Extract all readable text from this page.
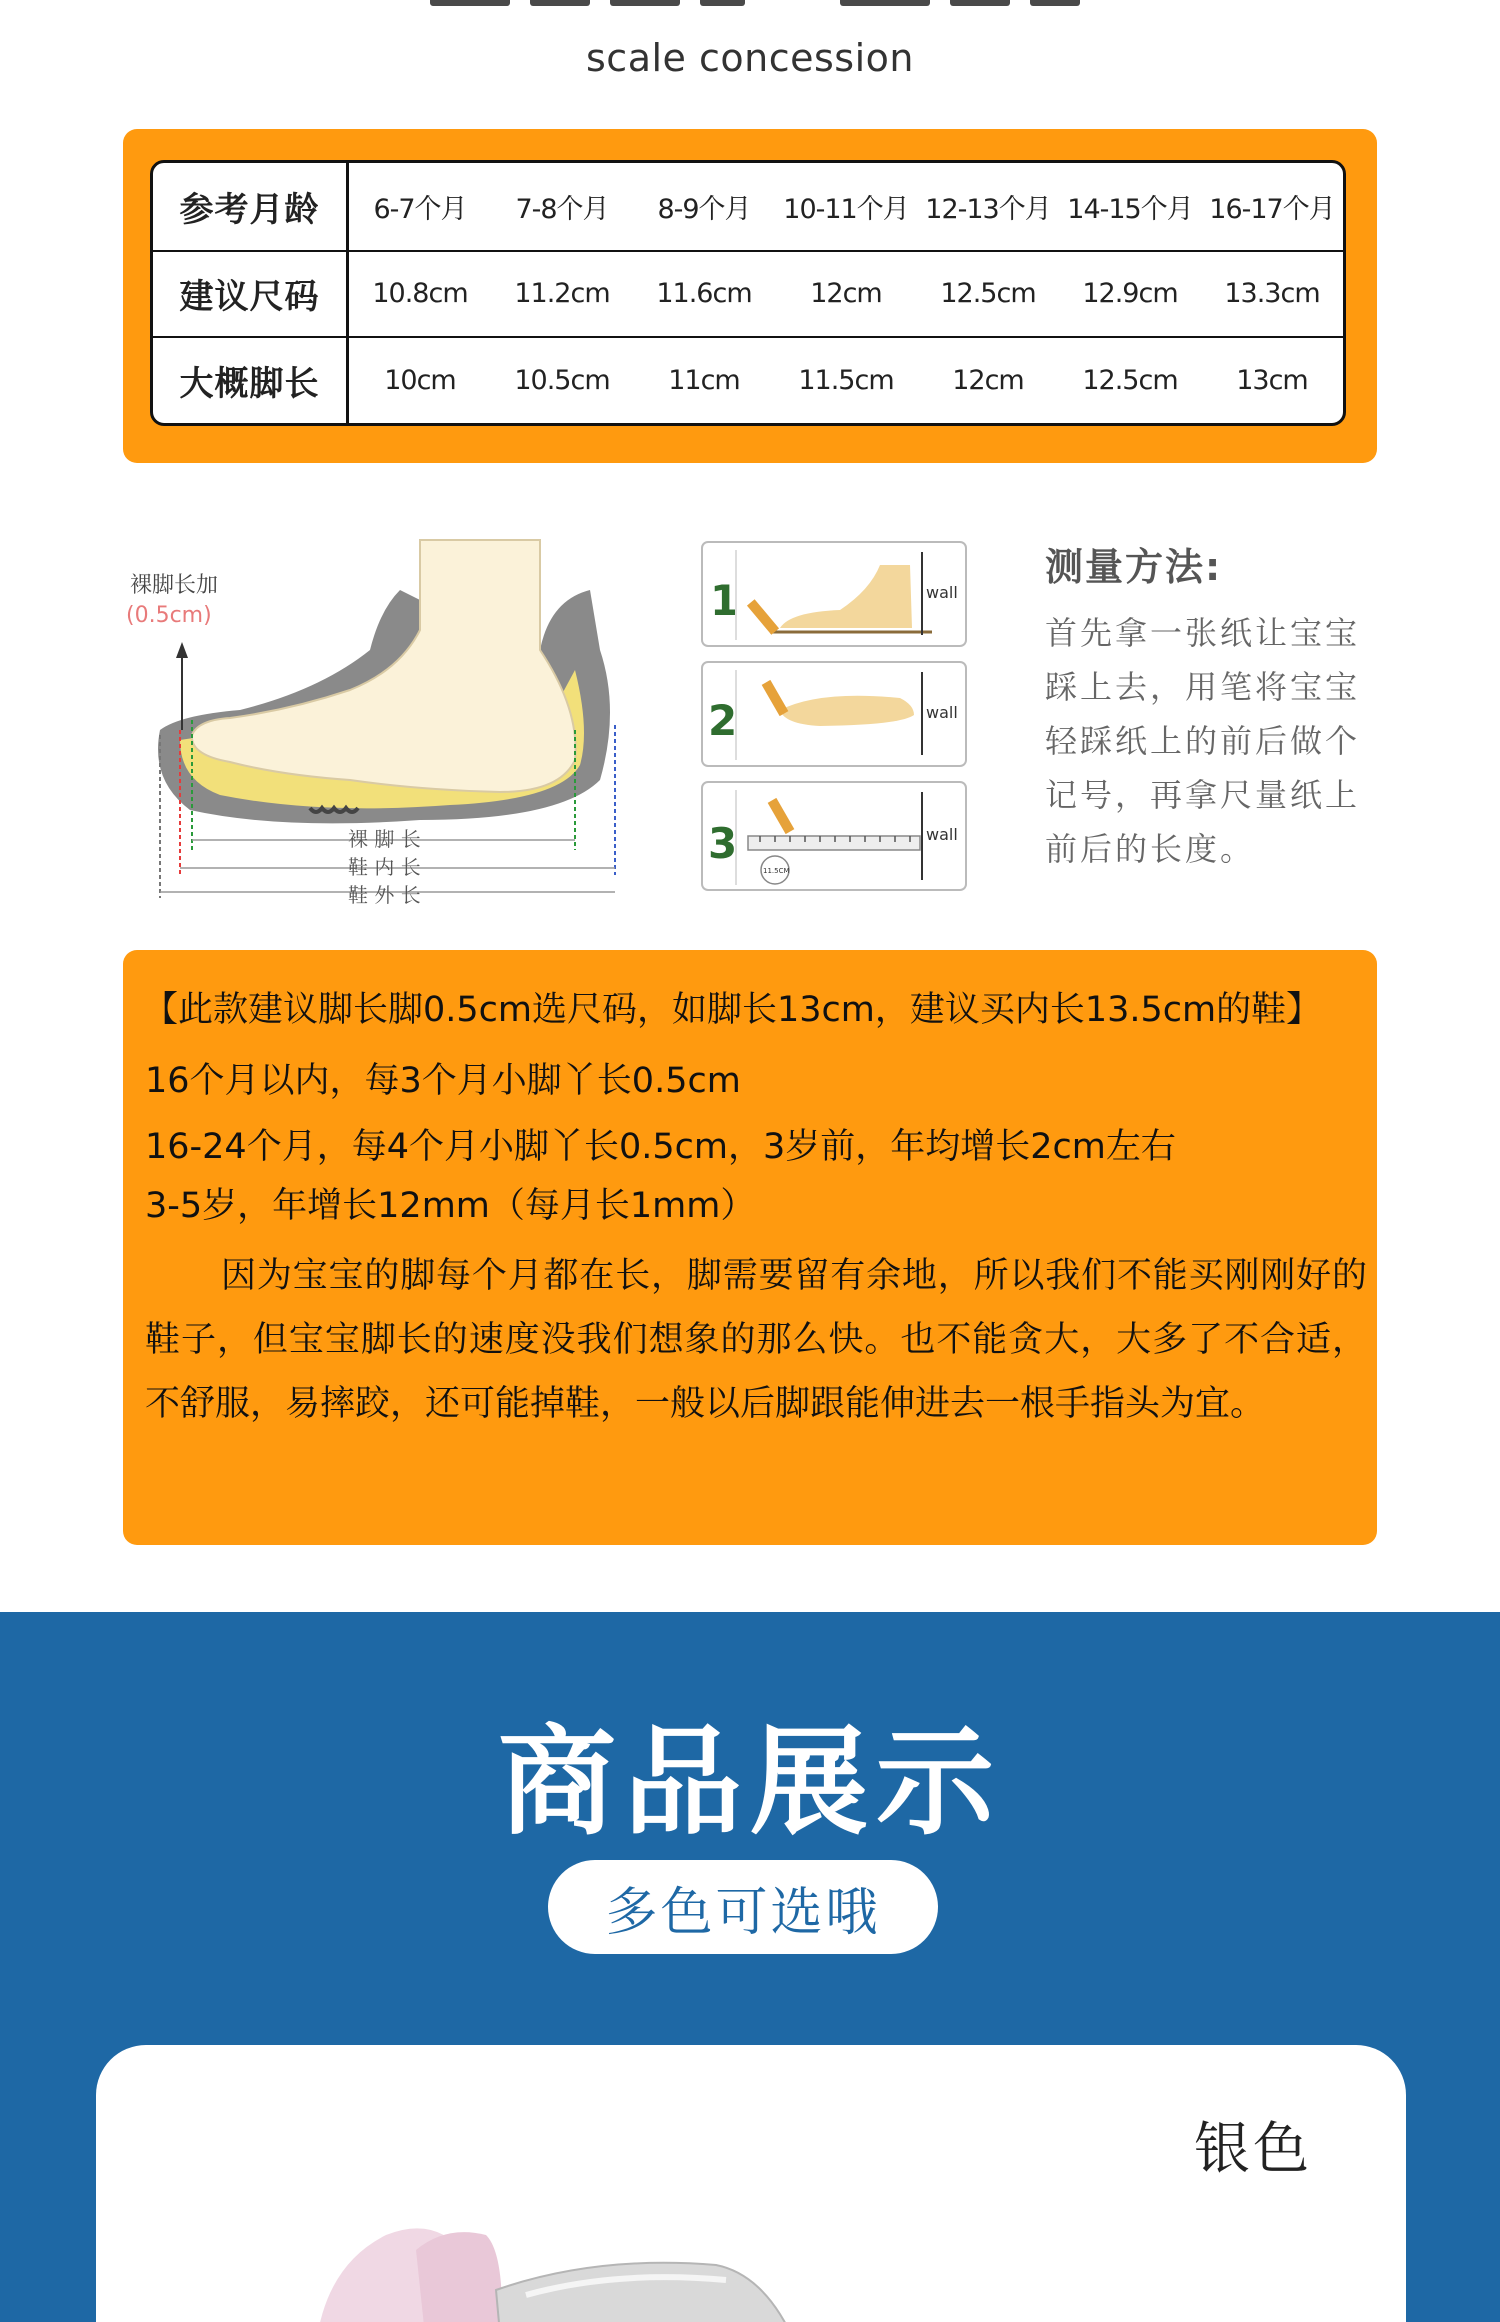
scale concession
参考月龄	6-7个月	7-8个月	8-9个月	10-11个月 12-13个月 14-15个月 16-17个月
建议尺码	10.8cm	11.2cm	11.6cm	12cm	12.5cm	12.9cm	13.3cm
大概脚长	10cm	10.5cm	11cm	11.5cm	12cm	12.5cm	13cm
裸脚长加
(0.5cm)
裸 脚 长
鞋 内 长
鞋 外 长
1	wall
2	wall
3
11.5CM
wall
测量方法:
首先拿一张纸让宝宝踩上去，用笔将宝宝轻踩纸上的前后做个记号，再拿尺量纸上前后的长度。
【此款建议脚长脚0.5cm选尺码，如脚长13cm，建议买内长13.5cm的鞋】
16个月以内，每3个月小脚丫长0.5cm
16-24个月，每4个月小脚丫长0.5cm，3岁前，年均增长2cm左右
3-5岁，年增长12mm（每月长1mm）
因为宝宝的脚每个月都在长，脚需要留有余地，所以我们不能买刚刚好的鞋子，但宝宝脚长的速度没我们想象的那么快。也不能贪大，大多了不合适，不舒服，易摔跤，还可能掉鞋，一般以后脚跟能伸进去一根手指头为宜。
商品展示
多色可选哦
银色
